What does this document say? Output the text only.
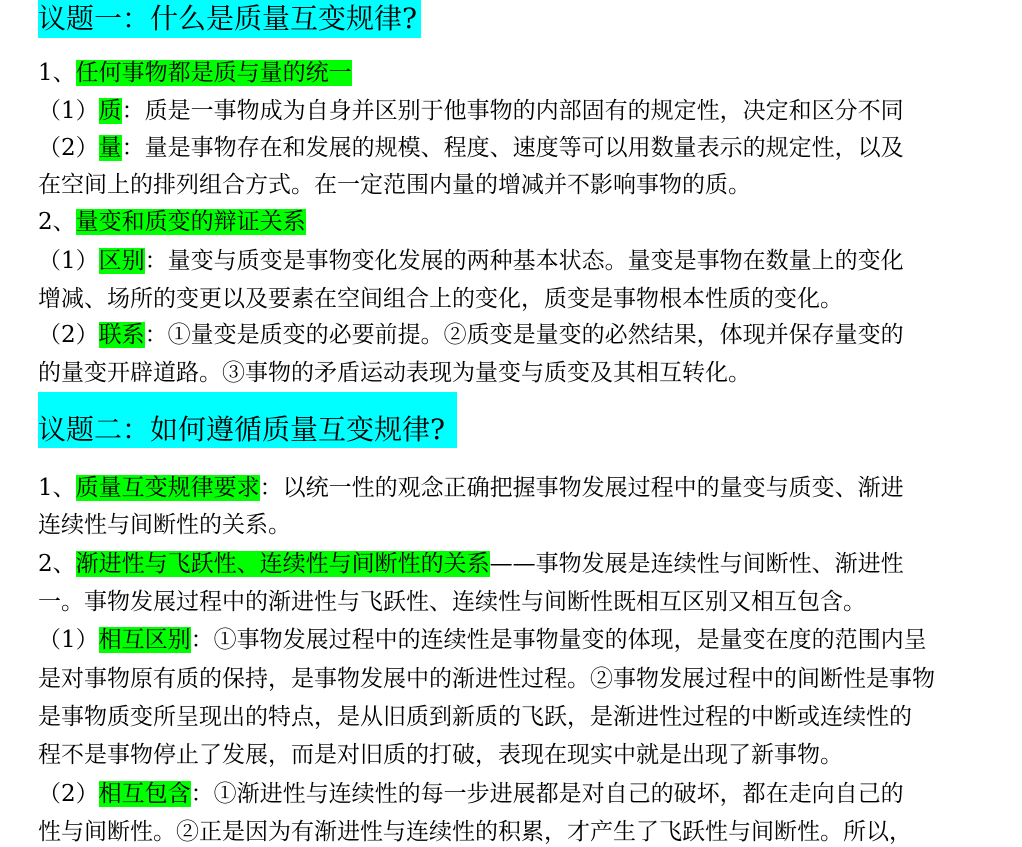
议题一：什么是质量互变规律?
1、任何事物都是质与量的统一
（1）质：质是一事物成为自身并区别于他事物的内部固有的规定性，决定和区分不同
（2）量：量是事物存在和发展的规模、程度、速度等可以用数量表示的规定性，以及
在空间上的排列组合方式。在一定范围内量的增减并不影响事物的质。
2、量变和质变的辩证关系
（1）区别：量变与质变是事物变化发展的两种基本状态。量变是事物在数量上的变化
增减、场所的变更以及要素在空间组合上的变化，质变是事物根本性质的变化。
（2）联系：①量变是质变的必要前提。②质变是量变的必然结果，体现并保存量变的
的量变开辟道路。③事物的矛盾运动表现为量变与质变及其相互转化。
议题二：如何遵循质量互变规律?
1、质量互变规律要求：以统一性的观念正确把握事物发展过程中的量变与质变、渐进
连续性与间断性的关系。
2、渐进性与飞跃性、连续性与间断性的关系——事物发展是连续性与间断性、渐进性
一。事物发展过程中的渐进性与飞跃性、连续性与间断性既相互区别又相互包含。
（1）相互区别：①事物发展过程中的连续性是事物量变的体现，是量变在度的范围内呈
是对事物原有质的保持，是事物发展中的渐进性过程。②事物发展过程中的间断性是事物
是事物质变所呈现出的特点，是从旧质到新质的飞跃，是渐进性过程的中断或连续性的
程不是事物停止了发展，而是对旧质的打破，表现在现实中就是出现了新事物。
（2）相互包含：①渐进性与连续性的每一步进展都是对自己的破坏，都在走向自己的
性与间断性。②正是因为有渐进性与连续性的积累，才产生了飞跃性与间断性。所以，
